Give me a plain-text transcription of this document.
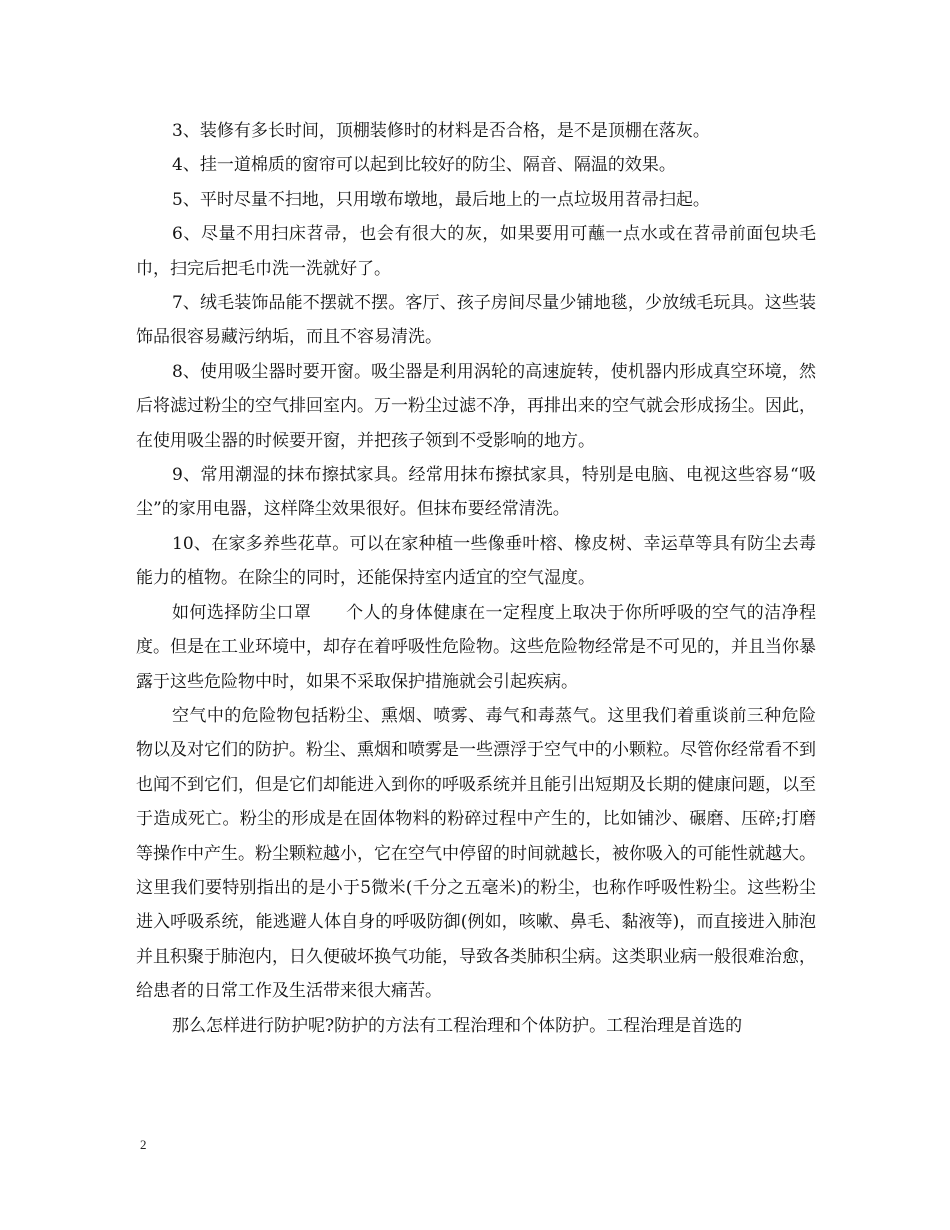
3、装修有多长时间，顶棚装修时的材料是否合格，是不是顶棚在落灰。

4、挂一道棉质的窗帘可以起到比较好的防尘、隔音、隔温的效果。

5、平时尽量不扫地，只用墩布墩地，最后地上的一点垃圾用苕帚扫起。

6、尽量不用扫床苕帚，也会有很大的灰，如果要用可蘸一点水或在苕帚前面包块毛巾，扫完后把毛巾洗一洗就好了。

7、绒毛装饰品能不摆就不摆。客厅、孩子房间尽量少铺地毯，少放绒毛玩具。这些装饰品很容易藏污纳垢，而且不容易清洗。

8、使用吸尘器时要开窗。吸尘器是利用涡轮的高速旋转，使机器内形成真空环境，然后将滤过粉尘的空气排回室内。万一粉尘过滤不净，再排出来的空气就会形成扬尘。因此，在使用吸尘器的时候要开窗，并把孩子领到不受影响的地方。

9、常用潮湿的抹布擦拭家具。经常用抹布擦拭家具，特别是电脑、电视这些容易“吸尘”的家用电器，这样降尘效果很好。但抹布要经常清洗。

10、在家多养些花草。可以在家种植一些像垂叶榕、橡皮树、幸运草等具有防尘去毒能力的植物。在除尘的同时，还能保持室内适宜的空气湿度。

如何选择防尘口罩　　个人的身体健康在一定程度上取决于你所呼吸的空气的洁净程度。但是在工业环境中，却存在着呼吸性危险物。这些危险物经常是不可见的，并且当你暴露于这些危险物中时，如果不采取保护措施就会引起疾病。

空气中的危险物包括粉尘、熏烟、喷雾、毒气和毒蒸气。这里我们着重谈前三种危险物以及对它们的防护。粉尘、熏烟和喷雾是一些漂浮于空气中的小颗粒。尽管你经常看不到也闻不到它们，但是它们却能进入到你的呼吸系统并且能引出短期及长期的健康问题，以至于造成死亡。粉尘的形成是在固体物料的粉碎过程中产生的，比如铺沙、碾磨、压碎;打磨等操作中产生。粉尘颗粒越小，它在空气中停留的时间就越长，被你吸入的可能性就越大。这里我们要特别指出的是小于5微米(千分之五毫米)的粉尘，也称作呼吸性粉尘。这些粉尘进入呼吸系统，能逃避人体自身的呼吸防御(例如，咳嗽、鼻毛、黏液等)，而直接进入肺泡并且积聚于肺泡内，日久便破坏换气功能，导致各类肺积尘病。这类职业病一般很难治愈，给患者的日常工作及生活带来很大痛苦。

那么怎样进行防护呢?防护的方法有工程治理和个体防护。工程治理是首选的

2
